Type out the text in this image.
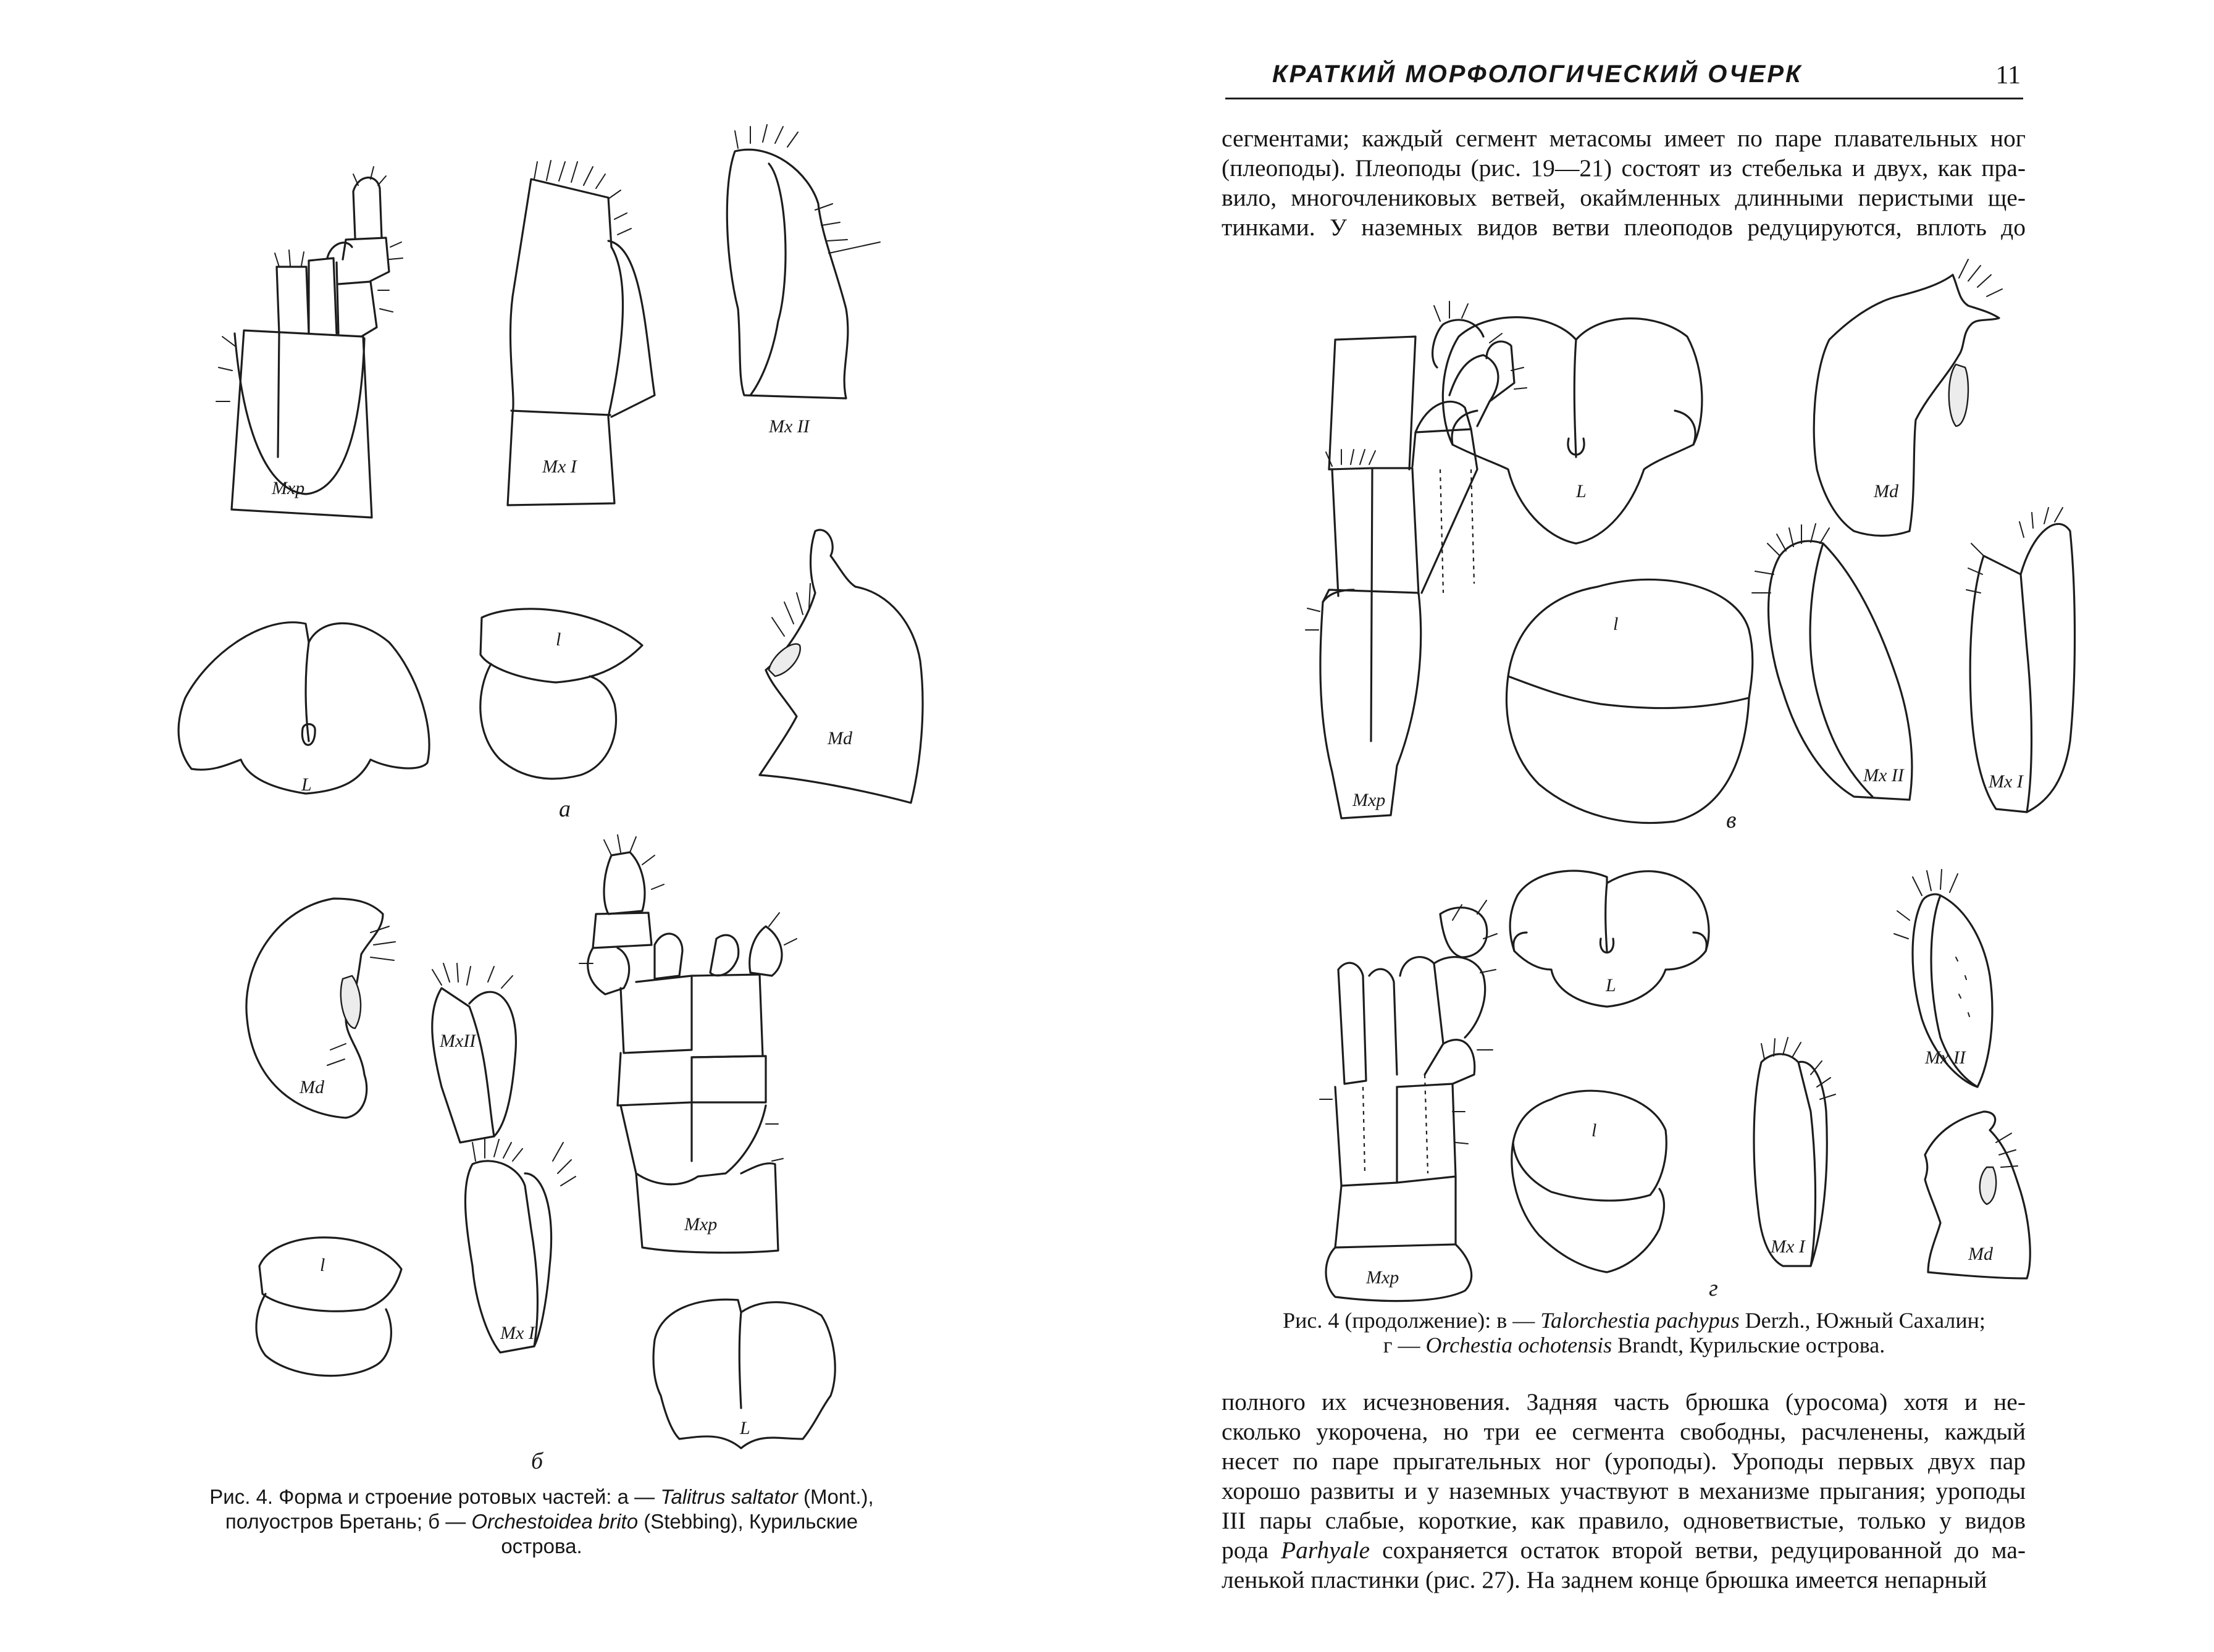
Mxp
Mx I
Mx II
L
l
Md
a
Md
MxII
Mxp
l
Mx I
L
б
Рис. 4. Форма и строение ротовых частей: а — Talitrus saltator (Mont.),
полуостров Бретань; б — Orchestoidea brito (Stebbing), Курильские
острова.
КРАТКИЙ МОРФОЛОГИЧЕСКИЙ ОЧЕРК	11
сегментами; каждый сегмент метасомы имеет по паре плавательных ног
(плеоподы). Плеоподы (рис. 19—21) состоят из стебелька и двух, как пра-
вило, многочлениковых ветвей, окаймленных длинными перистыми ще-
тинками. У наземных видов ветви плеоподов редуцируются, вплоть до
Mxp
L	Md
l
Mx II	Mx I
в
Mxp
L
Mx II
l
Mx I	Md
г
Рис. 4 (продолжение): в — Talorchestia pachypus Derzh., Южный Сахалин;
г — Orchestia ochotensis Brandt, Курильские острова.
полного их исчезновения. Задняя часть брюшка (уросома) хотя и не-
сколько укорочена, но три ее сегмента свободны, расчленены, каждый
несет по паре прыгательных ног (уроподы). Уроподы первых двух пар
хорошо развиты и у наземных участвуют в механизме прыгания; уроподы
III пары слабые, короткие, как правило, одноветвистые, только у видов
рода Parhyale сохраняется остаток второй ветви, редуцированной до ма-
ленькой пластинки (рис. 27). На заднем конце брюшка имеется непарный
